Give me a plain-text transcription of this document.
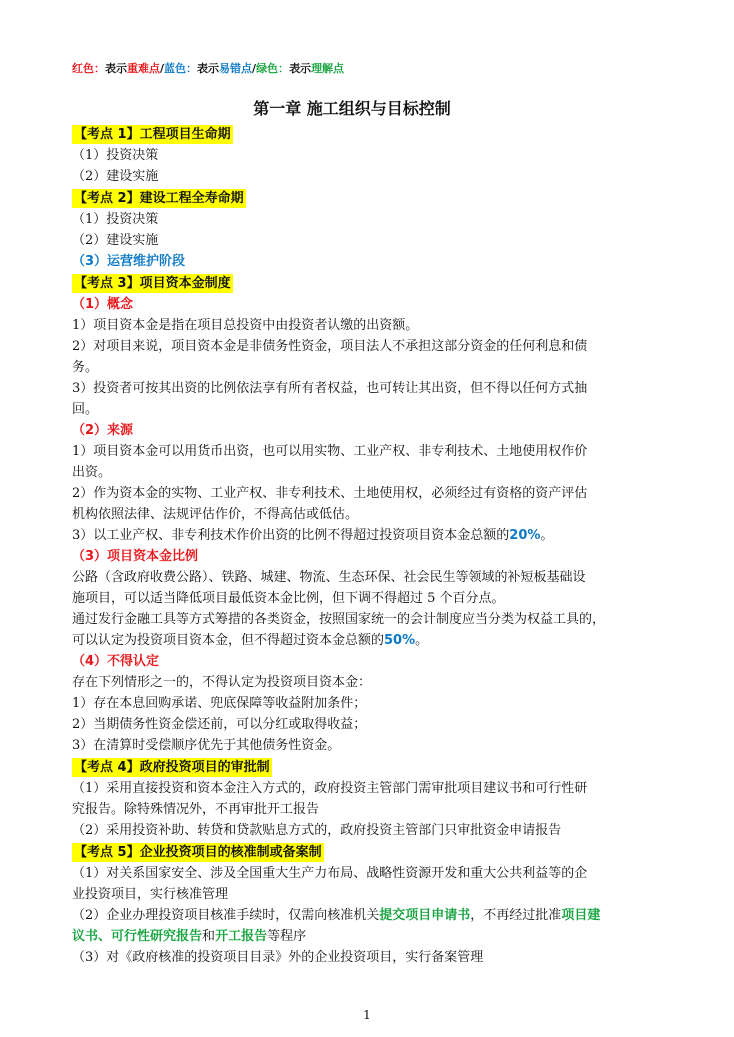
红色：表示重难点/蓝色：表示易错点/绿色：表示理解点
第一章 施工组织与目标控制
【考点 1】工程项目生命期

（1）投资决策

（2）建设实施

【考点 2】建设工程全寿命期

（1）投资决策

（2）建设实施

（3）运营维护阶段

【考点 3】项目资本金制度

（1）概念

1）项目资本金是指在项目总投资中由投资者认缴的出资额。

2）对项目来说，项目资本金是非债务性资金，项目法人不承担这部分资金的任何利息和债

务。

3）投资者可按其出资的比例依法享有所有者权益，也可转让其出资，但不得以任何方式抽

回。

（2）来源

1）项目资本金可以用货币出资，也可以用实物、工业产权、非专利技术、土地使用权作价

出资。

2）作为资本金的实物、工业产权、非专利技术、土地使用权，必须经过有资格的资产评估

机构依照法律、法规评估作价，不得高估或低估。

3）以工业产权、非专利技术作价出资的比例不得超过投资项目资本金总额的20%。

（3）项目资本金比例

公路（含政府收费公路）、铁路、城建、物流、生态环保、社会民生等领域的补短板基础设

施项目，可以适当降低项目最低资本金比例，但下调不得超过 5 个百分点。

通过发行金融工具等方式筹措的各类资金，按照国家统一的会计制度应当分类为权益工具的，

可以认定为投资项目资本金，但不得超过资本金总额的50%。

（4）不得认定

存在下列情形之一的，不得认定为投资项目资本金：

1）存在本息回购承诺、兜底保障等收益附加条件；

2）当期债务性资金偿还前，可以分红或取得收益；

3）在清算时受偿顺序优先于其他债务性资金。

【考点 4】政府投资项目的审批制

（1）采用直接投资和资本金注入方式的，政府投资主管部门需审批项目建议书和可行性研

究报告。除特殊情况外，不再审批开工报告

（2）采用投资补助、转贷和贷款贴息方式的，政府投资主管部门只审批资金申请报告

【考点 5】企业投资项目的核准制或备案制

（1）对关系国家安全、涉及全国重大生产力布局、战略性资源开发和重大公共利益等的企

业投资项目，实行核准管理

（2）企业办理投资项目核准手续时，仅需向核准机关提交项目申请书，不再经过批准项目建

议书、可行性研究报告和开工报告等程序

（3）对《政府核准的投资项目目录》外的企业投资项目，实行备案管理

1
